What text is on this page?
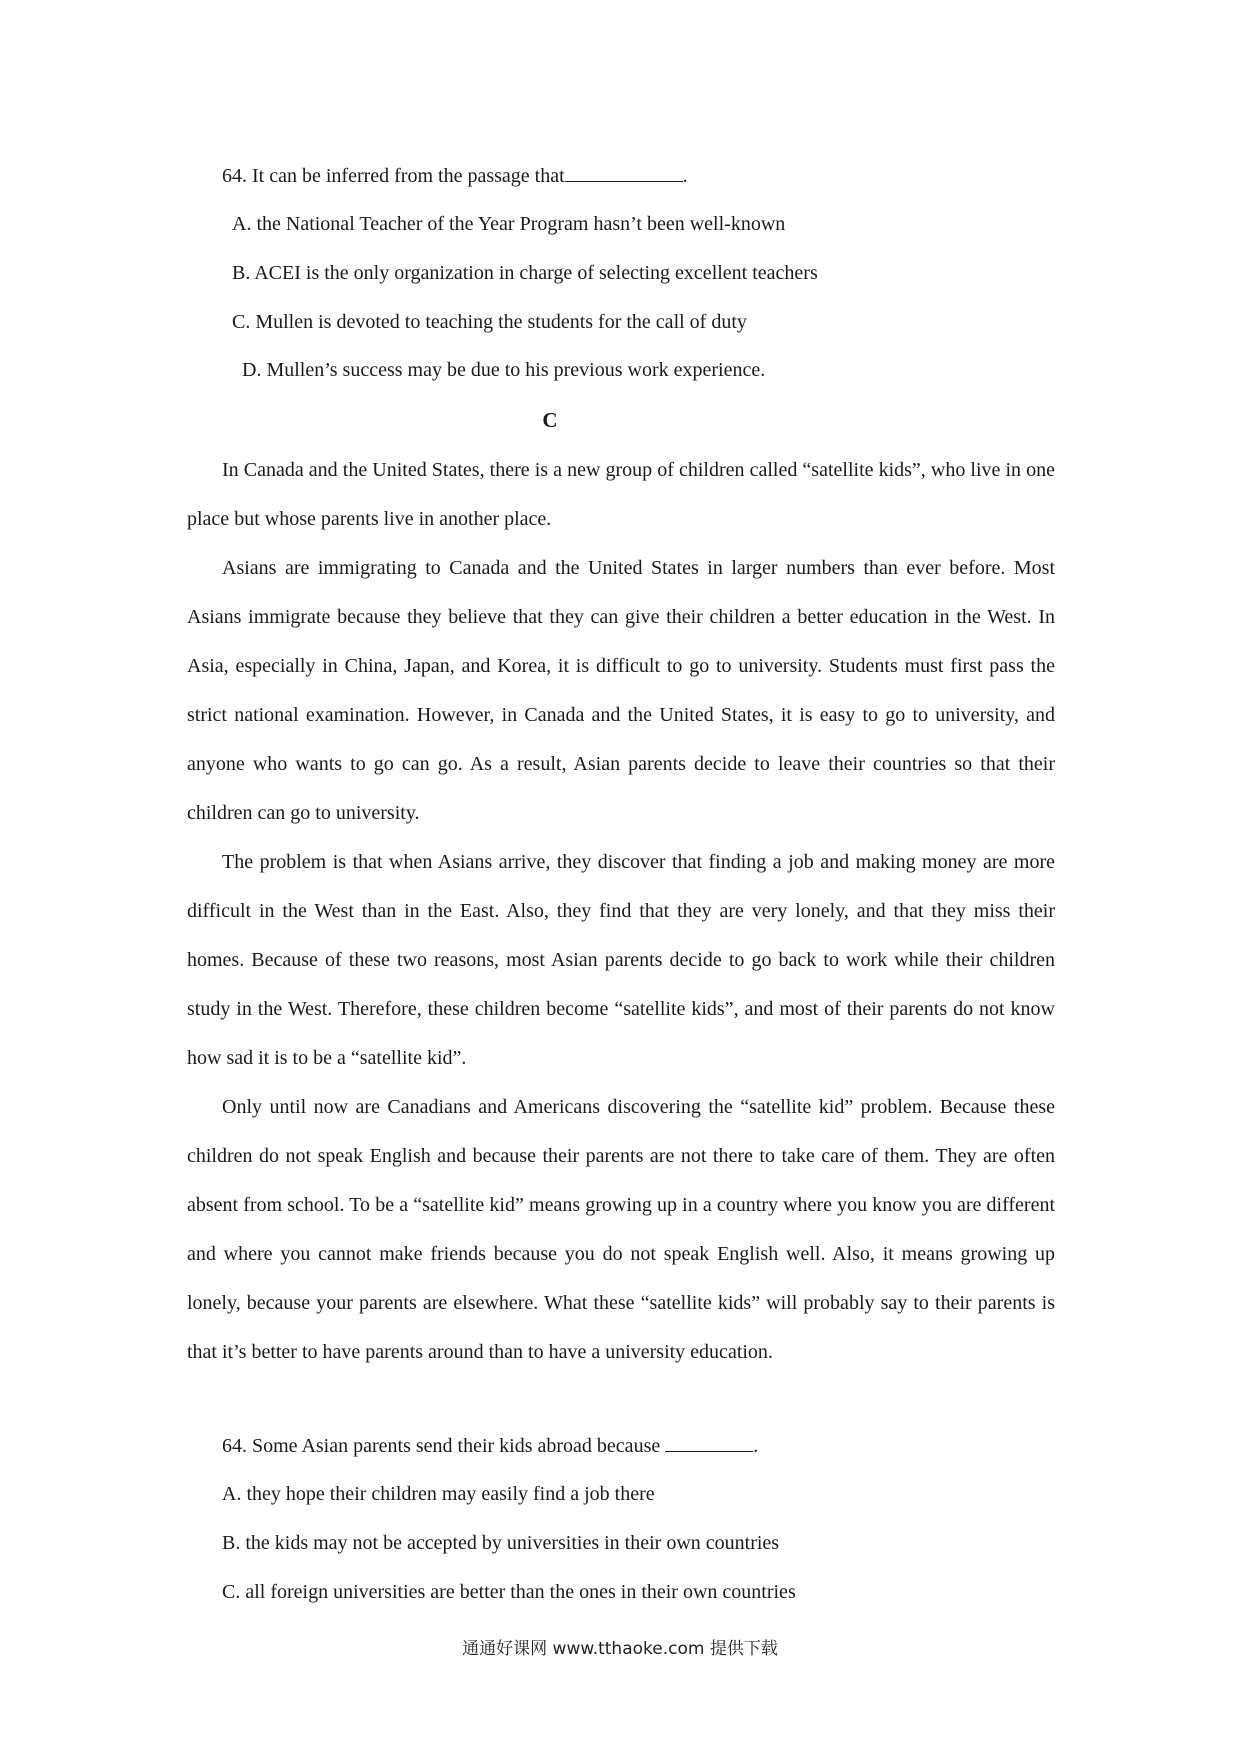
64. It can be inferred from the passage that	.
A. the National Teacher of the Year Program hasn’t been well-known
B. ACEI is the only organization in charge of selecting excellent teachers
C. Mullen is devoted to teaching the students for the call of duty
D. Mullen’s success may be due to his previous work experience.
C

In Canada and the United States, there is a new group of children called “satellite kids”, who live in one place but whose parents live in another place.

Asians are immigrating to Canada and the United States in larger numbers than ever before. Most Asians immigrate because they believe that they can give their children a better education in the West. In Asia, especially in China, Japan, and Korea, it is difficult to go to university. Students must first pass the strict national examination. However, in Canada and the United States, it is easy to go to university, and anyone who wants to go can go. As a result, Asian parents decide to leave their countries so that their children can go to university.

The problem is that when Asians arrive, they discover that finding a job and making money are more difficult in the West than in the East. Also, they find that they are very lonely, and that they miss their homes. Because of these two reasons, most Asian parents decide to go back to work while their children study in the West. Therefore, these children become “satellite kids”, and most of their parents do not know how sad it is to be a “satellite kid”.

Only until now are Canadians and Americans discovering the “satellite kid” problem. Because these children do not speak English and because their parents are not there to take care of them. They are often absent from school. To be a “satellite kid” means growing up in a country where you know you are different and where you cannot make friends because you do not speak English well. Also, it means growing up lonely, because your parents are elsewhere. What these “satellite kids” will probably say to their parents is that it’s better to have parents around than to have a university education.

64. Some Asian parents send their kids abroad because	.
A. they hope their children may easily find a job there
B. the kids may not be accepted by universities in their own countries
C. all foreign universities are better than the ones in their own countries
通通好课网 www.tthaoke.com 提供下载
